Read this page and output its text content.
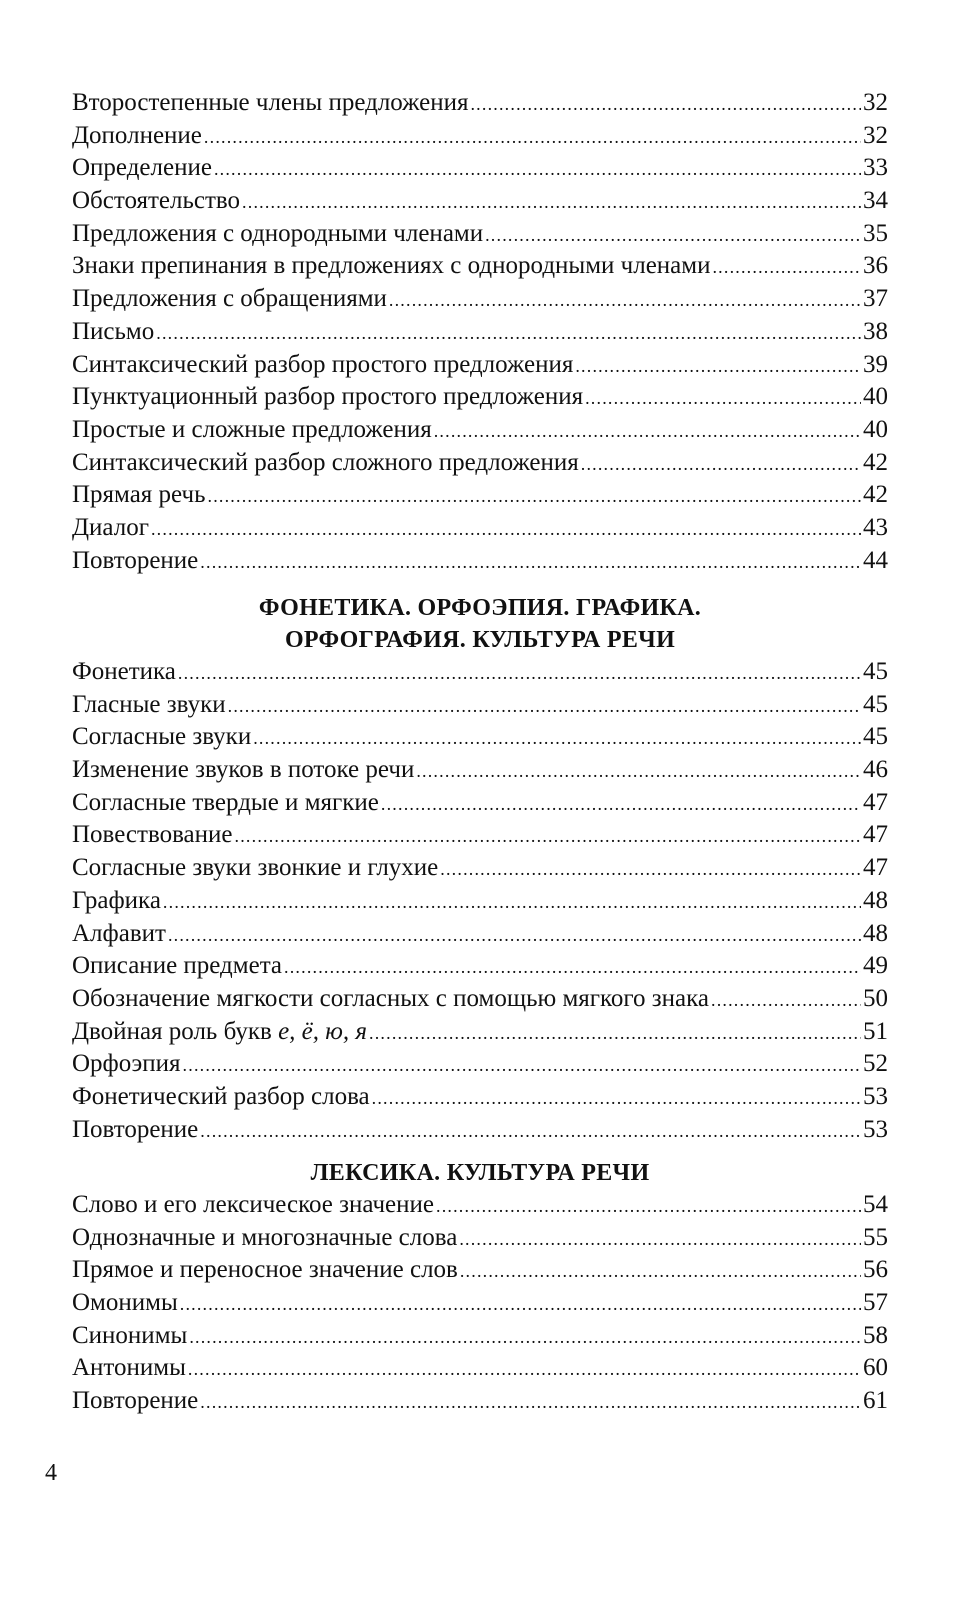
Второстепенные члены предложения .....	32
Дополнение .....	32
Определение .....	33
Обстоятельство .....	34
Предложения с однородными членами .....	35
Знаки препинания в предложениях с однородными членами .....	36
Предложения с обращениями .....	37
Письмо .....	38
Синтаксический разбор простого предложения .....	39
Пунктуационный разбор простого предложения .....	40
Простые и сложные предложения .....	40
Синтаксический разбор сложного предложения .....	42
Прямая речь .....	42
Диалог .....	43
Повторение .....	44
ФОНЕТИКА. ОРФОЭПИЯ. ГРАФИКА.
ОРФОГРАФИЯ. КУЛЬТУРА РЕЧИ
Фонетика .....	45
Гласные звуки .....	45
Согласные звуки .....	45
Изменение звуков в потоке речи .....	46
Согласные твердые и мягкие .....	47
Повествование .....	47
Согласные звуки звонкие и глухие .....	47
Графика .....	48
Алфавит .....	48
Описание предмета .....	49
Обозначение мягкости согласных с помощью мягкого знака .....	50
Двойная роль букв е, ё, ю, я .....	51
Орфоэпия .....	52
Фонетический разбор слова .....	53
Повторение .....	53
ЛЕКСИКА. КУЛЬТУРА РЕЧИ
Слово и его лексическое значение .....	54
Однозначные и многозначные слова .....	55
Прямое и переносное значение слов .....	56
Омонимы .....	57
Синонимы .....	58
Антонимы .....	60
Повторение .....	61
4
